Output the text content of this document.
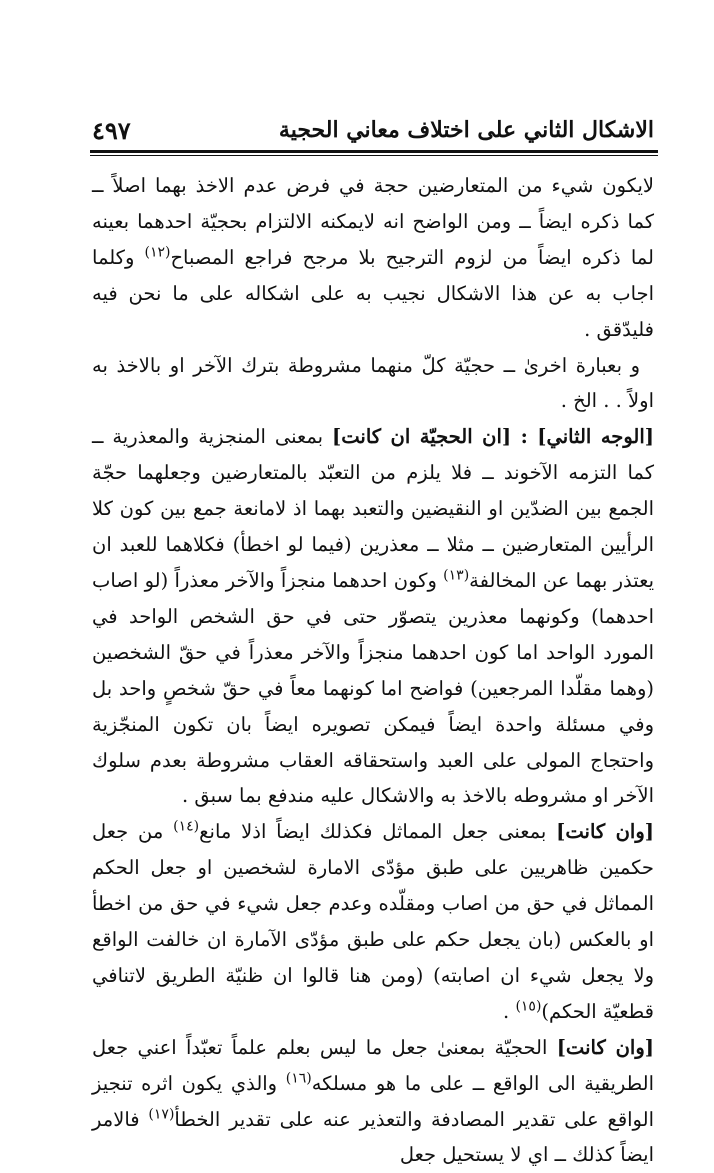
الاشكال الثاني على اختلاف معاني الحجية
٤٩٧

لايكون شيء من المتعارضين حجة في فرض عدم الاخذ بهما اصلاً ــ كما ذكره ايضاً ــ ومن الواضح انه لايمكنه الالتزام بحجيّة احدهما بعينه لما ذكره ايضاً من لزوم الترجيح بلا مرجح فراجع المصباح$^{(١٢)}$ وكلما اجاب به عن هذا الاشكال نجيب به على اشكاله على ما نحن فيه فليدّقق .

و بعبارة اخرىٰ ــ حجيّة كلّ منهما مشروطة بترك الآخر او بالاخذ به اولاً . . الخ .

[الوجه الثاني] : [ان الحجيّة ان كانت] بمعنى المنجزية والمعذرية ــ كما التزمه الآخوند ــ فلا يلزم من التعبّد بالمتعارضين وجعلهما حجّة الجمع بين الضدّين او النقيضين والتعبد بهما اذ لامانعة جمع بين كون كلا الرأيين المتعارضين ــ مثلا ــ معذرين (فيما لو اخطأ) فكلاهما للعبد ان يعتذر بهما عن المخالفة$^{(١٣)}$ وكون احدهما منجزاً والآخر معذراً (لو اصاب احدهما) وكونهما معذرين يتصوّر حتى في حق الشخص الواحد في المورد الواحد اما كون احدهما منجزاً والآخر معذراً في حقّ الشخصين (وهما مقلّدا المرجعين) فواضح اما كونهما معاً في حقّ شخصٍ واحد بل وفي مسئلة واحدة ايضاً فيمكن تصويره ايضاً بان تكون المنجّزية واحتجاج المولى على العبد واستحقاقه العقاب مشروطة بعدم سلوك الآخر او مشروطه بالاخذ به والاشكال عليه مندفع بما سبق .

[وان كانت] بمعنى جعل المماثل فكذلك ايضاً اذلا مانع$^{(١٤)}$ من جعل حكمين ظاهريين على طبق مؤدّى الامارة لشخصين او جعل الحكم المماثل في حق من اصاب ومقلّده وعدم جعل شيء في حق من اخطأ او بالعكس (بان يجعل حكم على طبق مؤدّى الآمارة ان خالفت الواقع ولا يجعل شيء ان اصابته) (ومن هنا قالوا ان ظنيّة الطريق لاتنافي قطعيّة الحكم)$^{(١٥)}$ .

[وان كانت] الحجيّة بمعنىٰ جعل ما ليس بعلم علماً تعبّداً اعني جعل الطريقية الى الواقع ــ على ما هو مسلكه$^{(١٦)}$ والذي يكون اثره تنجيز الواقع على تقدير المصادفة والتعذير عنه على تقدير الخطأ$^{(١٧)}$ فالامر ايضاً كذلك ــ اي لا يستحيل جعل
